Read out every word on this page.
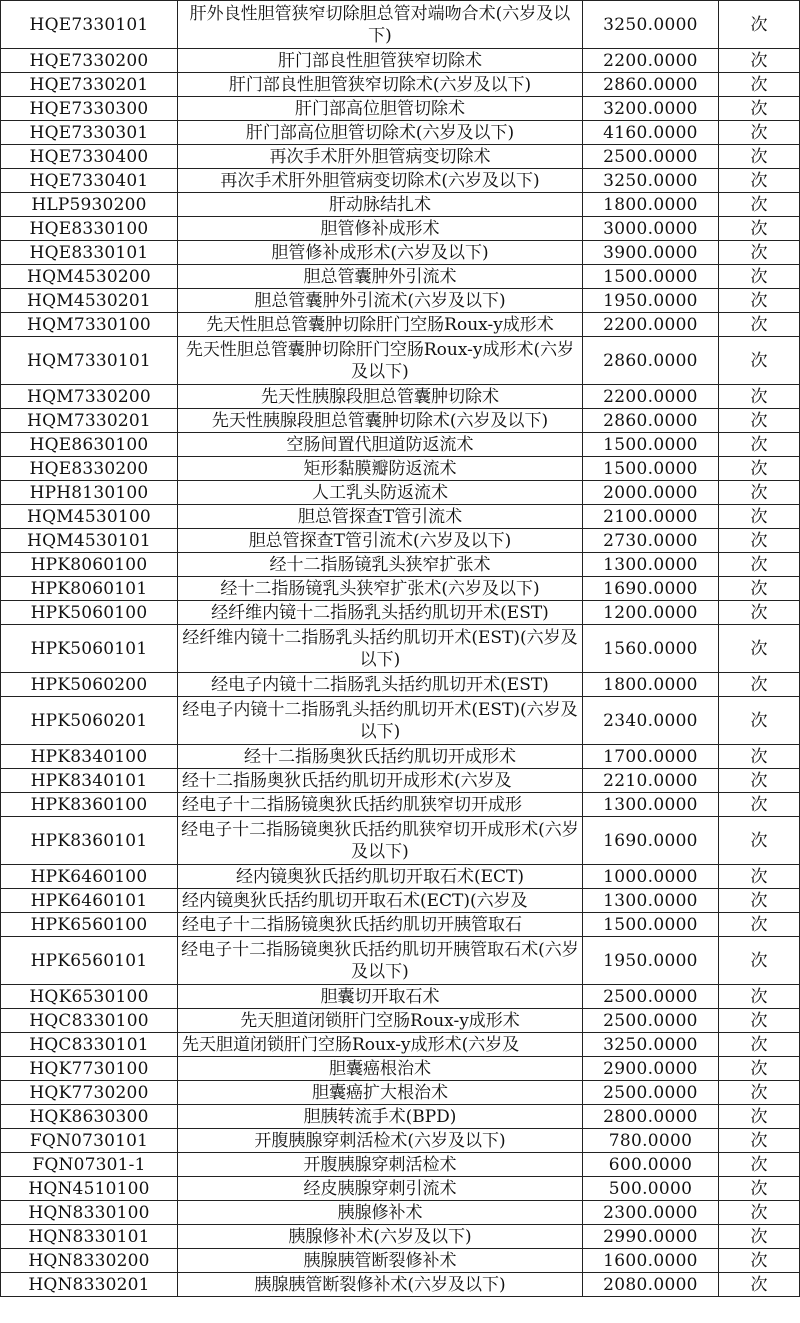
HQE7330101	肝外良性胆管狭窄切除胆总管对端吻合术(六岁及以下)	3250.0000	次
HQE7330200	肝门部良性胆管狭窄切除术	2200.0000	次
HQE7330201	肝门部良性胆管狭窄切除术(六岁及以下)	2860.0000	次
HQE7330300	肝门部高位胆管切除术	3200.0000	次
HQE7330301	肝门部高位胆管切除术(六岁及以下)	4160.0000	次
HQE7330400	再次手术肝外胆管病变切除术	2500.0000	次
HQE7330401	再次手术肝外胆管病变切除术(六岁及以下)	3250.0000	次
HLP5930200	肝动脉结扎术	1800.0000	次
HQE8330100	胆管修补成形术	3000.0000	次
HQE8330101	胆管修补成形术(六岁及以下)	3900.0000	次
HQM4530200	胆总管囊肿外引流术	1500.0000	次
HQM4530201	胆总管囊肿外引流术(六岁及以下)	1950.0000	次
HQM7330100	先天性胆总管囊肿切除肝门空肠Roux-y成形术	2200.0000	次
HQM7330101	先天性胆总管囊肿切除肝门空肠Roux-y成形术(六岁及以下)	2860.0000	次
HQM7330200	先天性胰腺段胆总管囊肿切除术	2200.0000	次
HQM7330201	先天性胰腺段胆总管囊肿切除术(六岁及以下)	2860.0000	次
HQE8630100	空肠间置代胆道防返流术	1500.0000	次
HQE8330200	矩形黏膜瓣防返流术	1500.0000	次
HPH8130100	人工乳头防返流术	2000.0000	次
HQM4530100	胆总管探查T管引流术	2100.0000	次
HQM4530101	胆总管探查T管引流术(六岁及以下)	2730.0000	次
HPK8060100	经十二指肠镜乳头狭窄扩张术	1300.0000	次
HPK8060101	经十二指肠镜乳头狭窄扩张术(六岁及以下)	1690.0000	次
HPK5060100	经纤维内镜十二指肠乳头括约肌切开术(EST)	1200.0000	次
HPK5060101	经纤维内镜十二指肠乳头括约肌切开术(EST)(六岁及以下)	1560.0000	次
HPK5060200	经电子内镜十二指肠乳头括约肌切开术(EST)	1800.0000	次
HPK5060201	经电子内镜十二指肠乳头括约肌切开术(EST)(六岁及以下)	2340.0000	次
HPK8340100	经十二指肠奥狄氏括约肌切开成形术	1700.0000	次
HPK8340101	经十二指肠奥狄氏括约肌切开成形术(六岁及	2210.0000	次
HPK8360100	经电子十二指肠镜奥狄氏括约肌狭窄切开成形	1300.0000	次
HPK8360101	经电子十二指肠镜奥狄氏括约肌狭窄切开成形术(六岁及以下)	1690.0000	次
HPK6460100	经内镜奥狄氏括约肌切开取石术(ECT)	1000.0000	次
HPK6460101	经内镜奥狄氏括约肌切开取石术(ECT)(六岁及	1300.0000	次
HPK6560100	经电子十二指肠镜奥狄氏括约肌切开胰管取石	1500.0000	次
HPK6560101	经电子十二指肠镜奥狄氏括约肌切开胰管取石术(六岁及以下)	1950.0000	次
HQK6530100	胆囊切开取石术	2500.0000	次
HQC8330100	先天胆道闭锁肝门空肠Roux-y成形术	2500.0000	次
HQC8330101	先天胆道闭锁肝门空肠Roux-y成形术(六岁及	3250.0000	次
HQK7730100	胆囊癌根治术	2900.0000	次
HQK7730200	胆囊癌扩大根治术	2500.0000	次
HQK8630300	胆胰转流手术(BPD)	2800.0000	次
FQN0730101	开腹胰腺穿刺活检术(六岁及以下)	780.0000	次
FQN07301-1	开腹胰腺穿刺活检术	600.0000	次
HQN4510100	经皮胰腺穿刺引流术	500.0000	次
HQN8330100	胰腺修补术	2300.0000	次
HQN8330101	胰腺修补术(六岁及以下)	2990.0000	次
HQN8330200	胰腺胰管断裂修补术	1600.0000	次
HQN8330201	胰腺胰管断裂修补术(六岁及以下)	2080.0000	次
